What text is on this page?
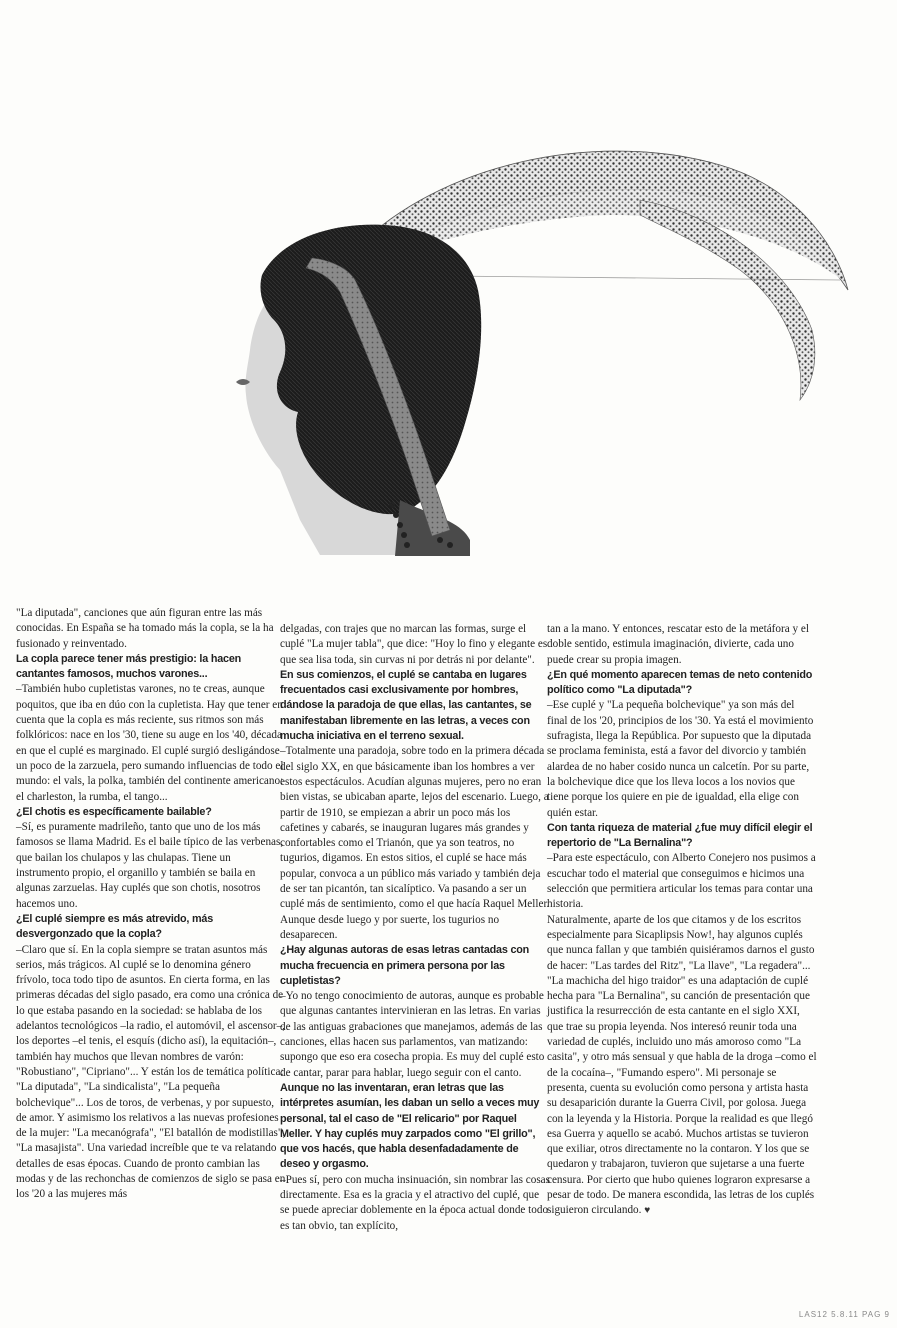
"La diputada", canciones que aún figuran entre las más conocidas. En España se ha tomado más la copla, se la ha fusionado y reinventado.

La copla parece tener más prestigio: la hacen cantantes famosos, muchos varones...

–También hubo cupletistas varones, no te creas, aunque poquitos, que iba en dúo con la cupletista. Hay que tener en cuenta que la copla es más reciente, sus ritmos son más folklóricos: nace en los '30, tiene su auge en los '40, década en que el cuplé es marginado. El cuplé surgió desligándose un poco de la zarzuela, pero sumando influencias de todo el mundo: el vals, la polka, también del continente americano: el charleston, la rumba, el tango...

¿El chotis es específicamente bailable?

–Sí, es puramente madrileño, tanto que uno de los más famosos se llama Madrid. Es el baile típico de las verbenas, que bailan los chulapos y las chulapas. Tiene un instrumento propio, el organillo y también se baila en algunas zarzuelas. Hay cuplés que son chotis, nosotros hacemos uno.

¿El cuplé siempre es más atrevido, más desvergonzado que la copla?

–Claro que sí. En la copla siempre se tratan asuntos más serios, más trágicos. Al cuplé se lo denomina género frívolo, toca todo tipo de asuntos. En cierta forma, en las primeras décadas del siglo pasado, era como una crónica de lo que estaba pasando en la sociedad: se hablaba de los adelantos tecnológicos –la radio, el automóvil, el ascensor–, los deportes –el tenis, el esquís (dicho así), la equitación–, también hay muchos que llevan nombres de varón: "Robustiano", "Cipriano"... Y están los de temática política: "La diputada", "La sindicalista", "La pequeña bolchevique"... Los de toros, de verbenas, y por supuesto, de amor. Y asimismo los relativos a las nuevas profesiones de la mujer: "La mecanógrafa", "El batallón de modistillas", "La masajista". Una variedad increíble que te va relatando detalles de esas épocas. Cuando de pronto cambian las modas y de las rechonchas de comienzos de siglo se pasa en los '20 a las mujeres más

delgadas, con trajes que no marcan las formas, surge el cuplé "La mujer tabla", que dice: "Hoy lo fino y elegante es que sea lisa toda, sin curvas ni por detrás ni por delante".

En sus comienzos, el cuplé se cantaba en lugares frecuentados casi exclusivamente por hombres, dándose la paradoja de que ellas, las cantantes, se manifestaban libremente en las letras, a veces con mucha iniciativa en el terreno sexual.

–Totalmente una paradoja, sobre todo en la primera década del siglo XX, en que básicamente iban los hombres a ver estos espectáculos. Acudían algunas mujeres, pero no eran bien vistas, se ubicaban aparte, lejos del escenario. Luego, a partir de 1910, se empiezan a abrir un poco más los cafetines y cabarés, se inauguran lugares más grandes y confortables como el Trianón, que ya son teatros, no tugurios, digamos. En estos sitios, el cuplé se hace más popular, convoca a un público más variado y también deja de ser tan picantón, tan sicalíptico. Va pasando a ser un cuplé más de sentimiento, como el que hacía Raquel Meller. Aunque desde luego y por suerte, los tugurios no desaparecen.

¿Hay algunas autoras de esas letras cantadas con mucha frecuencia en primera persona por las cupletistas?

–Yo no tengo conocimiento de autoras, aunque es probable que algunas cantantes intervinieran en las letras. En varias de las antiguas grabaciones que manejamos, además de las canciones, ellas hacen sus parlamentos, van matizando: supongo que eso era cosecha propia. Es muy del cuplé esto de cantar, parar para hablar, luego seguir con el canto.

Aunque no las inventaran, eran letras que las intérpretes asumían, les daban un sello a veces muy personal, tal el caso de "El relicario" por Raquel Meller. Y hay cuplés muy zarpados como "El grillo", que vos hacés, que habla desenfadadamente de deseo y orgasmo.

–Pues sí, pero con mucha insinuación, sin nombrar las cosas directamente. Esa es la gracia y el atractivo del cuplé, que se puede apreciar doblemente en la época actual donde todo es tan obvio, tan explícito,

tan a la mano. Y entonces, rescatar esto de la metáfora y el doble sentido, estimula imaginación, divierte, cada uno puede crear su propia imagen.

¿En qué momento aparecen temas de neto contenido político como "La diputada"?

–Ese cuplé y "La pequeña bolchevique" ya son más del final de los '20, principios de los '30. Ya está el movimiento sufragista, llega la República. Por supuesto que la diputada se proclama feminista, está a favor del divorcio y también alardea de no haber cosido nunca un calcetín. Por su parte, la bolchevique dice que los lleva locos a los novios que tiene porque los quiere en pie de igualdad, ella elige con quién estar.

Con tanta riqueza de material ¿fue muy difícil elegir el repertorio de "La Bernalina"?

–Para este espectáculo, con Alberto Conejero nos pusimos a escuchar todo el material que conseguimos e hicimos una selección que permitiera articular los temas para contar una historia.

Naturalmente, aparte de los que citamos y de los escritos especialmente para Sicaplipsis Now!, hay algunos cuplés que nunca fallan y que también quisiéramos darnos el gusto de hacer: "Las tardes del Ritz", "La llave", "La regadera"... "La machicha del higo traidor" es una adaptación de cuplé hecha para "La Bernalina", su canción de presentación que justifica la resurrección de esta cantante en el siglo XXI, que trae su propia leyenda. Nos interesó reunir toda una variedad de cuplés, incluido uno más amoroso como "La casita", y otro más sensual y que habla de la droga –como el de la cocaína–, "Fumando espero". Mi personaje se presenta, cuenta su evolución como persona y artista hasta su desaparición durante la Guerra Civil, por golosa. Juega con la leyenda y la Historia. Porque la realidad es que llegó esa Guerra y aquello se acabó. Muchos artistas se tuvieron que exiliar, otros directamente no la contaron. Y los que se quedaron y trabajaron, tuvieron que sujetarse a una fuerte censura. Por cierto que hubo quienes lograron expresarse a pesar de todo. De manera escondida, las letras de los cuplés siguieron circulando. ♥

LAS12 5.8.11 PAG 9
